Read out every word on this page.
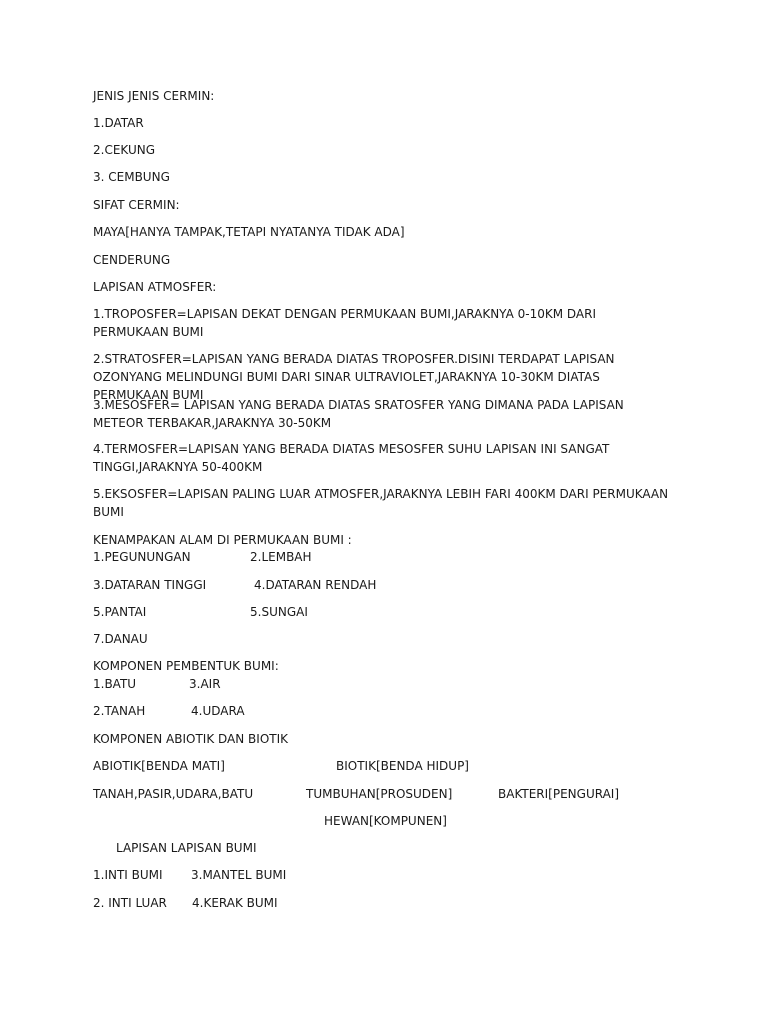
JENIS JENIS CERMIN:
1.DATAR
2.CEKUNG
3. CEMBUNG
SIFAT CERMIN:
MAYA[HANYA TAMPAK,TETAPI NYATANYA TIDAK ADA]
CENDERUNG
LAPISAN ATMOSFER:
1.TROPOSFER=LAPISAN DEKAT DENGAN PERMUKAAN BUMI,JARAKNYA 0-10KM DARI PERMUKAAN BUMI
2.STRATOSFER=LAPISAN YANG BERADA DIATAS TROPOSFER.DISINI TERDAPAT LAPISAN OZONYANG MELINDUNGI BUMI DARI SINAR ULTRAVIOLET,JARAKNYA 10-30KM DIATAS PERMUKAAN BUMI
3.MESOSFER= LAPISAN YANG BERADA DIATAS SRATOSFER YANG DIMANA PADA LAPISAN METEOR TERBAKAR,JARAKNYA 30-50KM
4.TERMOSFER=LAPISAN YANG BERADA DIATAS MESOSFER SUHU LAPISAN INI SANGAT TINGGI,JARAKNYA 50-400KM
5.EKSOSFER=LAPISAN PALING LUAR ATMOSFER,JARAKNYA LEBIH FARI 400KM DARI PERMUKAAN BUMI
KENAMPAKAN ALAM DI PERMUKAAN BUMI :
1.PEGUNUNGAN	2.LEMBAH
3.DATARAN TINGGI	4.DATARAN RENDAH
5.PANTAI	5.SUNGAI
7.DANAU
KOMPONEN PEMBENTUK BUMI:
1.BATU	3.AIR
2.TANAH	4.UDARA
KOMPONEN ABIOTIK DAN BIOTIK
ABIOTIK[BENDA MATI]	BIOTIK[BENDA HIDUP]
TANAH,PASIR,UDARA,BATU	TUMBUHAN[PROSUDEN]	BAKTERI[PENGURAI]
HEWAN[KOMPUNEN]
LAPISAN LAPISAN BUMI
1.INTI BUMI 3.MANTEL BUMI
2. INTI LUAR 4.KERAK BUMI
